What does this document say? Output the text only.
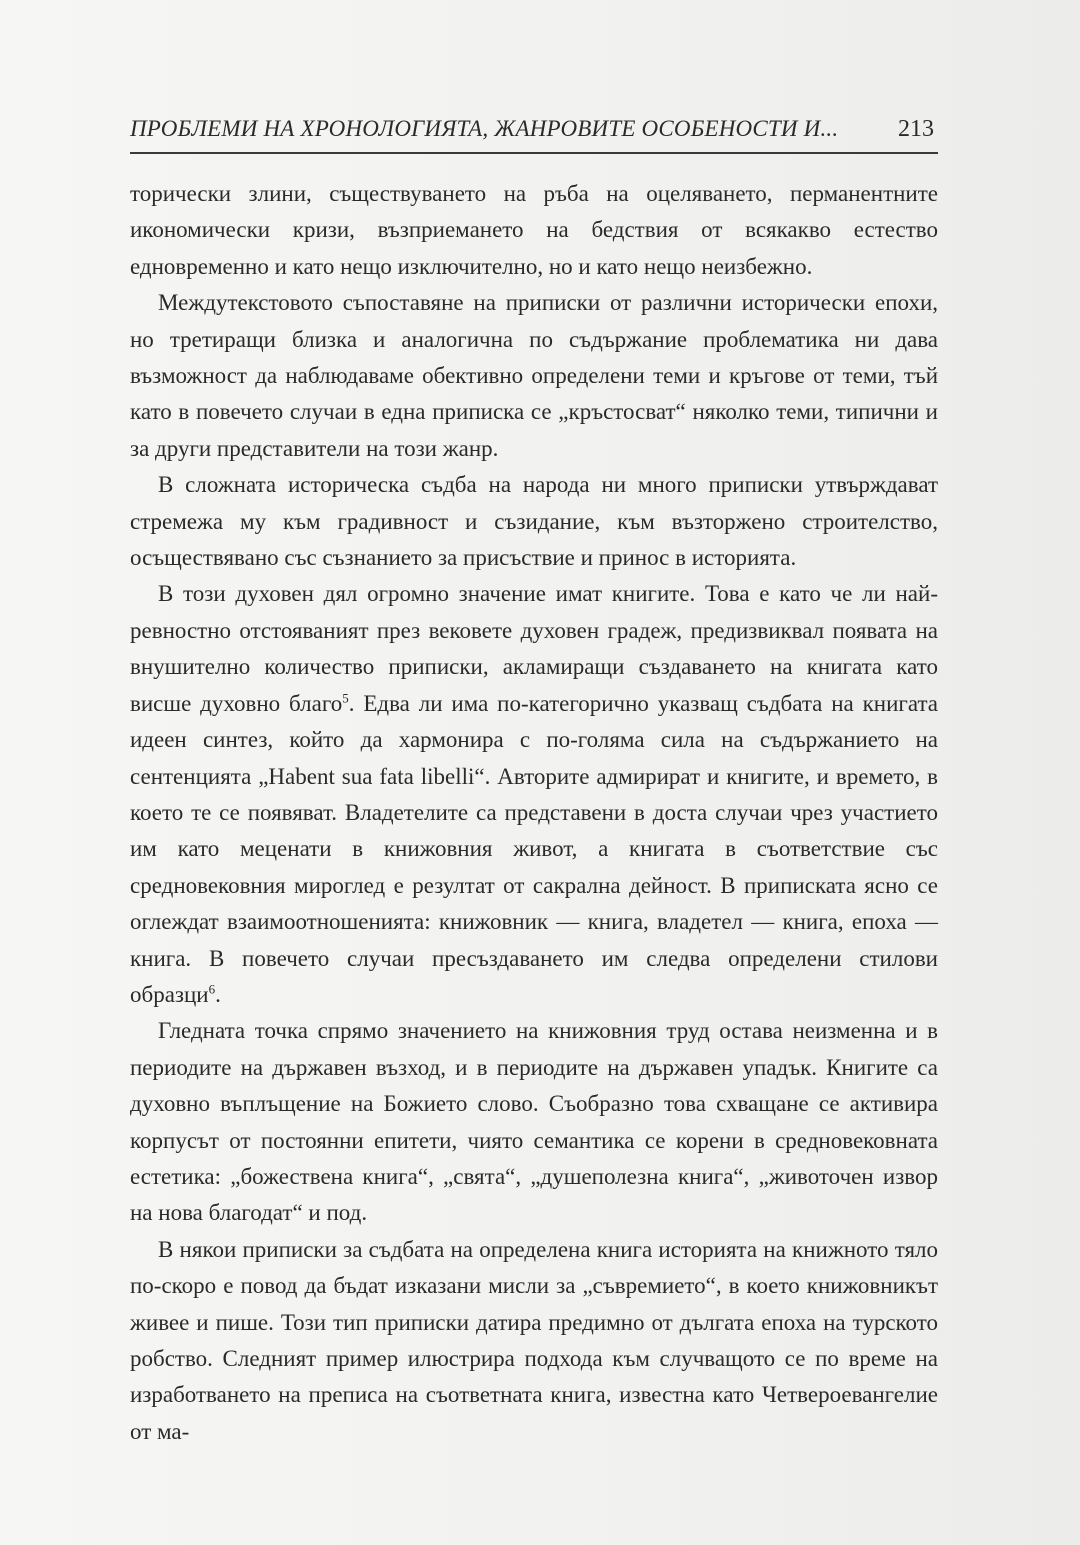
ПРОБЛЕМИ НА ХРОНОЛОГИЯТА, ЖАНРОВИТЕ ОСОБЕНОСТИ И... 213

торически злини, съществуването на ръба на оцеляването, перманентните икономически кризи, възприемането на бедствия от всякакво естество едновременно и като нещо изключително, но и като нещо неизбежно.

Междутекстовото съпоставяне на приписки от различни исторически епохи, но третиращи близка и аналогична по съдържание проблематика ни дава възможност да наблюдаваме обективно определени теми и кръгове от теми, тъй като в повечето случаи в една приписка се „кръстосват“ няколко теми, типични и за други представители на този жанр.

В сложната историческа съдба на народа ни много приписки утвърждават стремежа му към градивност и съзидание, към възторжено строителство, осъществявано със съзнанието за присъствие и принос в историята.

В този духовен дял огромно значение имат книгите. Това е като че ли най-ревностно отстояваният през вековете духовен градеж, предизвиквал появата на внушително количество приписки, акламиращи създаването на книгата като висше духовно благо$^5$. Едва ли има по-категорично указващ съдбата на книгата идеен синтез, който да хармонира с по-голяма сила на съдържанието на сентенцията „Habent sua fata libelli“. Авторите адмирират и книгите, и времето, в което те се появяват. Владетелите са представени в доста случаи чрез участието им като меценати в книжовния живот, а книгата в съответствие със средновековния мироглед е резултат от сакрална дейност. В приписката ясно се оглеждат взаимоотношенията: книжовник — книга, владетел — книга, епоха — книга. В повечето случаи пресъздаването им следва определени стилови образци$^6$.

Гледната точка спрямо значението на книжовния труд остава неизменна и в периодите на държавен възход, и в периодите на държавен упадък. Книгите са духовно въплъщение на Божието слово. Съобразно това схващане се активира корпусът от постоянни епитети, чиято семантика се корени в средновековната естетика: „божествена книга“, „свята“, „душеполезна книга“, „животочен извор на нова благодат“ и под.

В някои приписки за съдбата на определена книга историята на книжното тяло по-скоро е повод да бъдат изказани мисли за „съвремието“, в което книжовникът живее и пише. Този тип приписки датира предимно от дългата епоха на турското робство. Следният пример илюстрира подхода към случващото се по време на изработването на преписа на съответната книга, известна като Четвероевангелие от ма-
